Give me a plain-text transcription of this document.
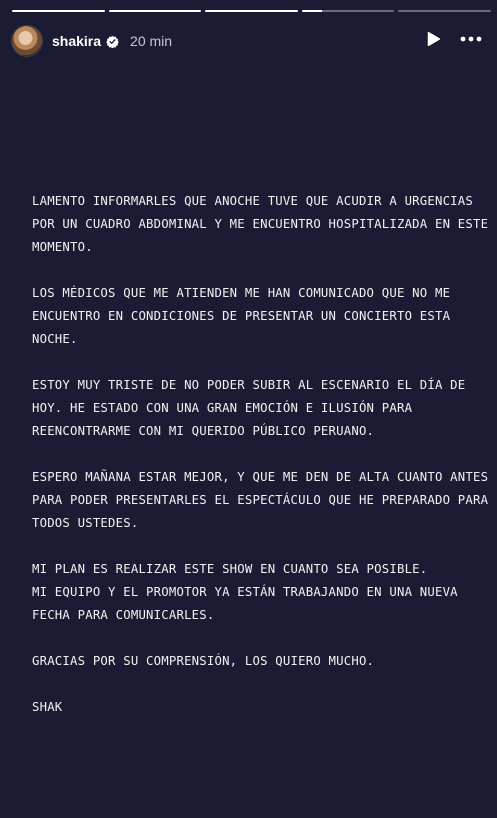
shakira 20 min

LAMENTO INFORMARLES QUE ANOCHE TUVE QUE ACUDIR A URGENCIAS
POR UN CUADRO ABDOMINAL Y ME ENCUENTRO HOSPITALIZADA EN ESTE
MOMENTO.

LOS MÉDICOS QUE ME ATIENDEN ME HAN COMUNICADO QUE NO ME
ENCUENTRO EN CONDICIONES DE PRESENTAR UN CONCIERTO ESTA
NOCHE.

ESTOY MUY TRISTE DE NO PODER SUBIR AL ESCENARIO EL DÍA DE
HOY. HE ESTADO CON UNA GRAN EMOCIÓN E ILUSIÓN PARA
REENCONTRARME CON MI QUERIDO PÚBLICO PERUANO.

ESPERO MAÑANA ESTAR MEJOR, Y QUE ME DEN DE ALTA CUANTO ANTES
PARA PODER PRESENTARLES EL ESPECTÁCULO QUE HE PREPARADO PARA
TODOS USTEDES.

MI PLAN ES REALIZAR ESTE SHOW EN CUANTO SEA POSIBLE.
MI EQUIPO Y EL PROMOTOR YA ESTÁN TRABAJANDO EN UNA NUEVA
FECHA PARA COMUNICARLES.

GRACIAS POR SU COMPRENSIÓN, LOS QUIERO MUCHO.

SHAK
